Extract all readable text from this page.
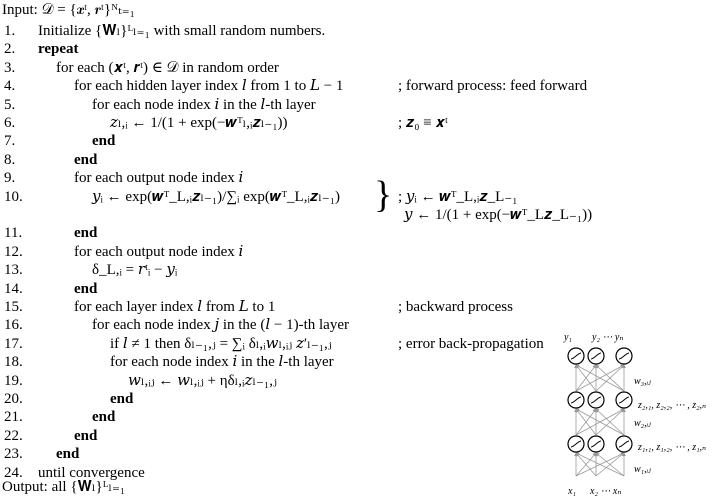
Input: 𝒟 = {𝒙ᵗ, 𝒓ᵗ}ᴺₜ₌₁
1.	Initialize {𝐖ₗ}ᴸₗ₌₁ with small random numbers.
2.	repeat
3.	for each (𝒙ᵗ, 𝒓ᵗ) ∈ 𝒟 in random order
4.	for each hidden layer index 𝑙 from 1 to 𝐿 − 1	; forward process: feed forward
5.	for each node index 𝑖 in the 𝑙-th layer
6.	𝑧ₗ,ᵢ ← 1/(1 + exp(−𝒘ᵀₗ,ᵢ𝒛ₗ₋₁))	; 𝒛₀ ≡ 𝒙ᵗ
7.	end
8.	end
9.	for each output node index 𝑖
10.	𝑦ᵢ ← exp(𝒘ᵀ_L,ᵢ𝒛ₗ₋₁)/∑ᵢ exp(𝒘ᵀ_L,ᵢ𝒛ₗ₋₁)	; 𝑦ᵢ ← 𝒘ᵀ_L,ᵢ𝒛_L₋₁
𝑦 ← 1/(1 + exp(−𝒘ᵀ_L𝒛_L₋₁))
11.	end
12.	for each output node index 𝑖
13.	δ_L,ᵢ = 𝑟ᵗᵢ − 𝑦ᵢ
14.	end
15.	for each layer index 𝑙 from 𝐿 to 1	; backward process
16.	for each node index 𝑗 in the (𝑙 − 1)-th layer
17.	if 𝑙 ≠ 1 then δₗ₋₁,ⱼ = ∑ᵢ δₗ,ᵢ𝑤ₗ,ᵢⱼ 𝑧′ₗ₋₁,ⱼ	; error back-propagation
18.	for each node index 𝑖 in the 𝑙-th layer
19.	𝑤ₗ,ᵢⱼ ← 𝑤ₗ,ᵢⱼ + ηδₗ,ᵢ𝑧ₗ₋₁,ⱼ
20.	end
21.	end
22.	end
23.	end
24.	until convergence
}
Output: all {𝐖ₗ}ᴸₗ₌₁
y₁ y₂ ⋯ yₙ
w₃,ᵢⱼ
z₂,₁, z₂,₂, ⋯ , z₂,ₙ
w₂,ᵢⱼ
z₁,₁, z₁,₂, ⋯ , z₁,ₙ
w₁,ᵢⱼ
x₁ x₂ ⋯ xₙ
